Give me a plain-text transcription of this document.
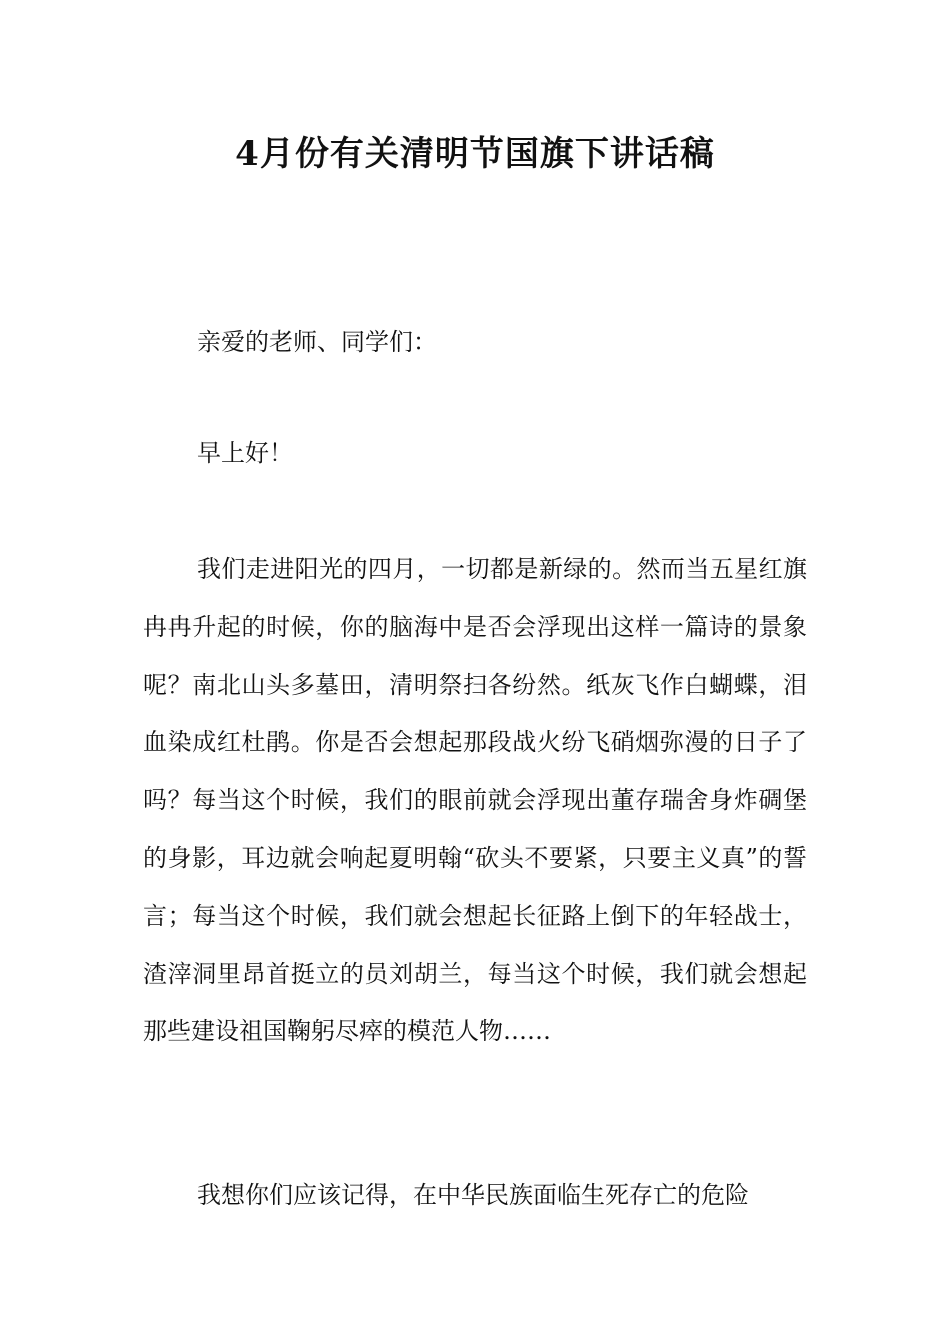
4月份有关清明节国旗下讲话稿

亲爱的老师、同学们：

早上好！

我们走进阳光的四月，一切都是新绿的。然而当五星红旗冉冉升起的时候，你的脑海中是否会浮现出这样一篇诗的景象呢？南北山头多墓田，清明祭扫各纷然。纸灰飞作白蝴蝶，泪血染成红杜鹃。你是否会想起那段战火纷飞硝烟弥漫的日子了吗？每当这个时候，我们的眼前就会浮现出董存瑞舍身炸碉堡的身影，耳边就会响起夏明翰“砍头不要紧，只要主义真”的誓言；每当这个时候，我们就会想起长征路上倒下的年轻战士，渣滓洞里昂首挺立的员刘胡兰，每当这个时候，我们就会想起那些建设祖国鞠躬尽瘁的模范人物……

我想你们应该记得，在中华民族面临生死存亡的危险
